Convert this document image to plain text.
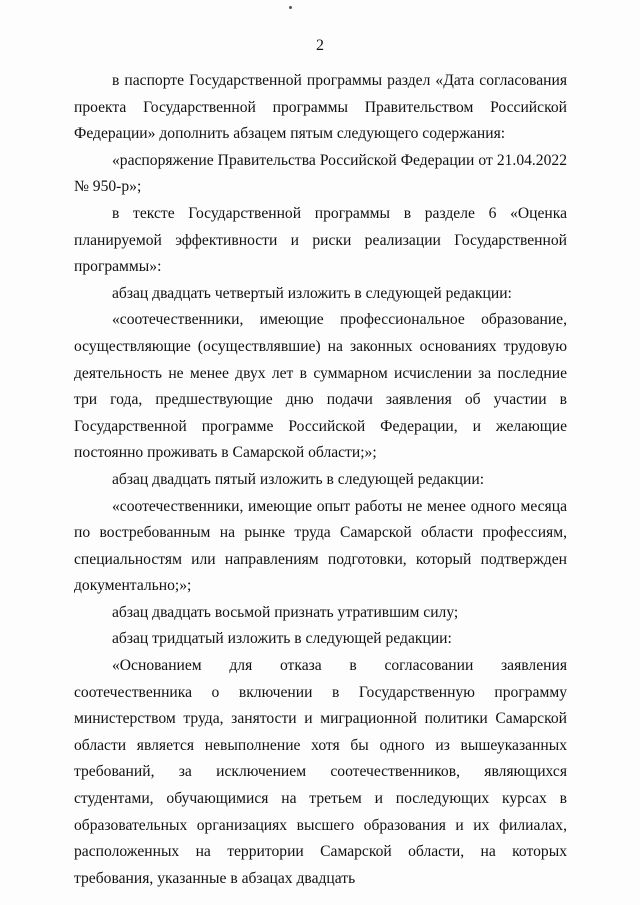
2

в паспорте Государственной программы раздел «Дата согласования проекта Государственной программы Правительством Российской Федерации» дополнить абзацем пятым следующего содержания:

«распоряжение Правительства Российской Федерации от 21.04.2022 № 950-р»;

в тексте Государственной программы в разделе 6 «Оценка планируемой эффективности и риски реализации Государственной программы»:

абзац двадцать четвертый изложить в следующей редакции:

«соотечественники, имеющие профессиональное образование, осуществляющие (осуществлявшие) на законных основаниях трудовую деятельность не менее двух лет в суммарном исчислении за последние три года, предшествующие дню подачи заявления об участии в Государственной программе Российской Федерации, и желающие постоянно проживать в Самарской области;»;

абзац двадцать пятый изложить в следующей редакции:

«соотечественники, имеющие опыт работы не менее одного месяца по востребованным на рынке труда Самарской области профессиям, специальностям или направлениям подготовки, который подтвержден документально;»;

абзац двадцать восьмой признать утратившим силу;

абзац тридцатый изложить в следующей редакции:

«Основанием для отказа в согласовании заявления соотечественника о включении в Государственную программу министерством труда, занятости и миграционной политики Самарской области является невыполнение хотя бы одного из вышеуказанных требований, за исключением соотечественников, являющихся студентами, обучающимися на третьем и последующих курсах в образовательных организациях высшего образования и их филиалах, расположенных на территории Самарской области, на которых требования, указанные в абзацах двадцать
